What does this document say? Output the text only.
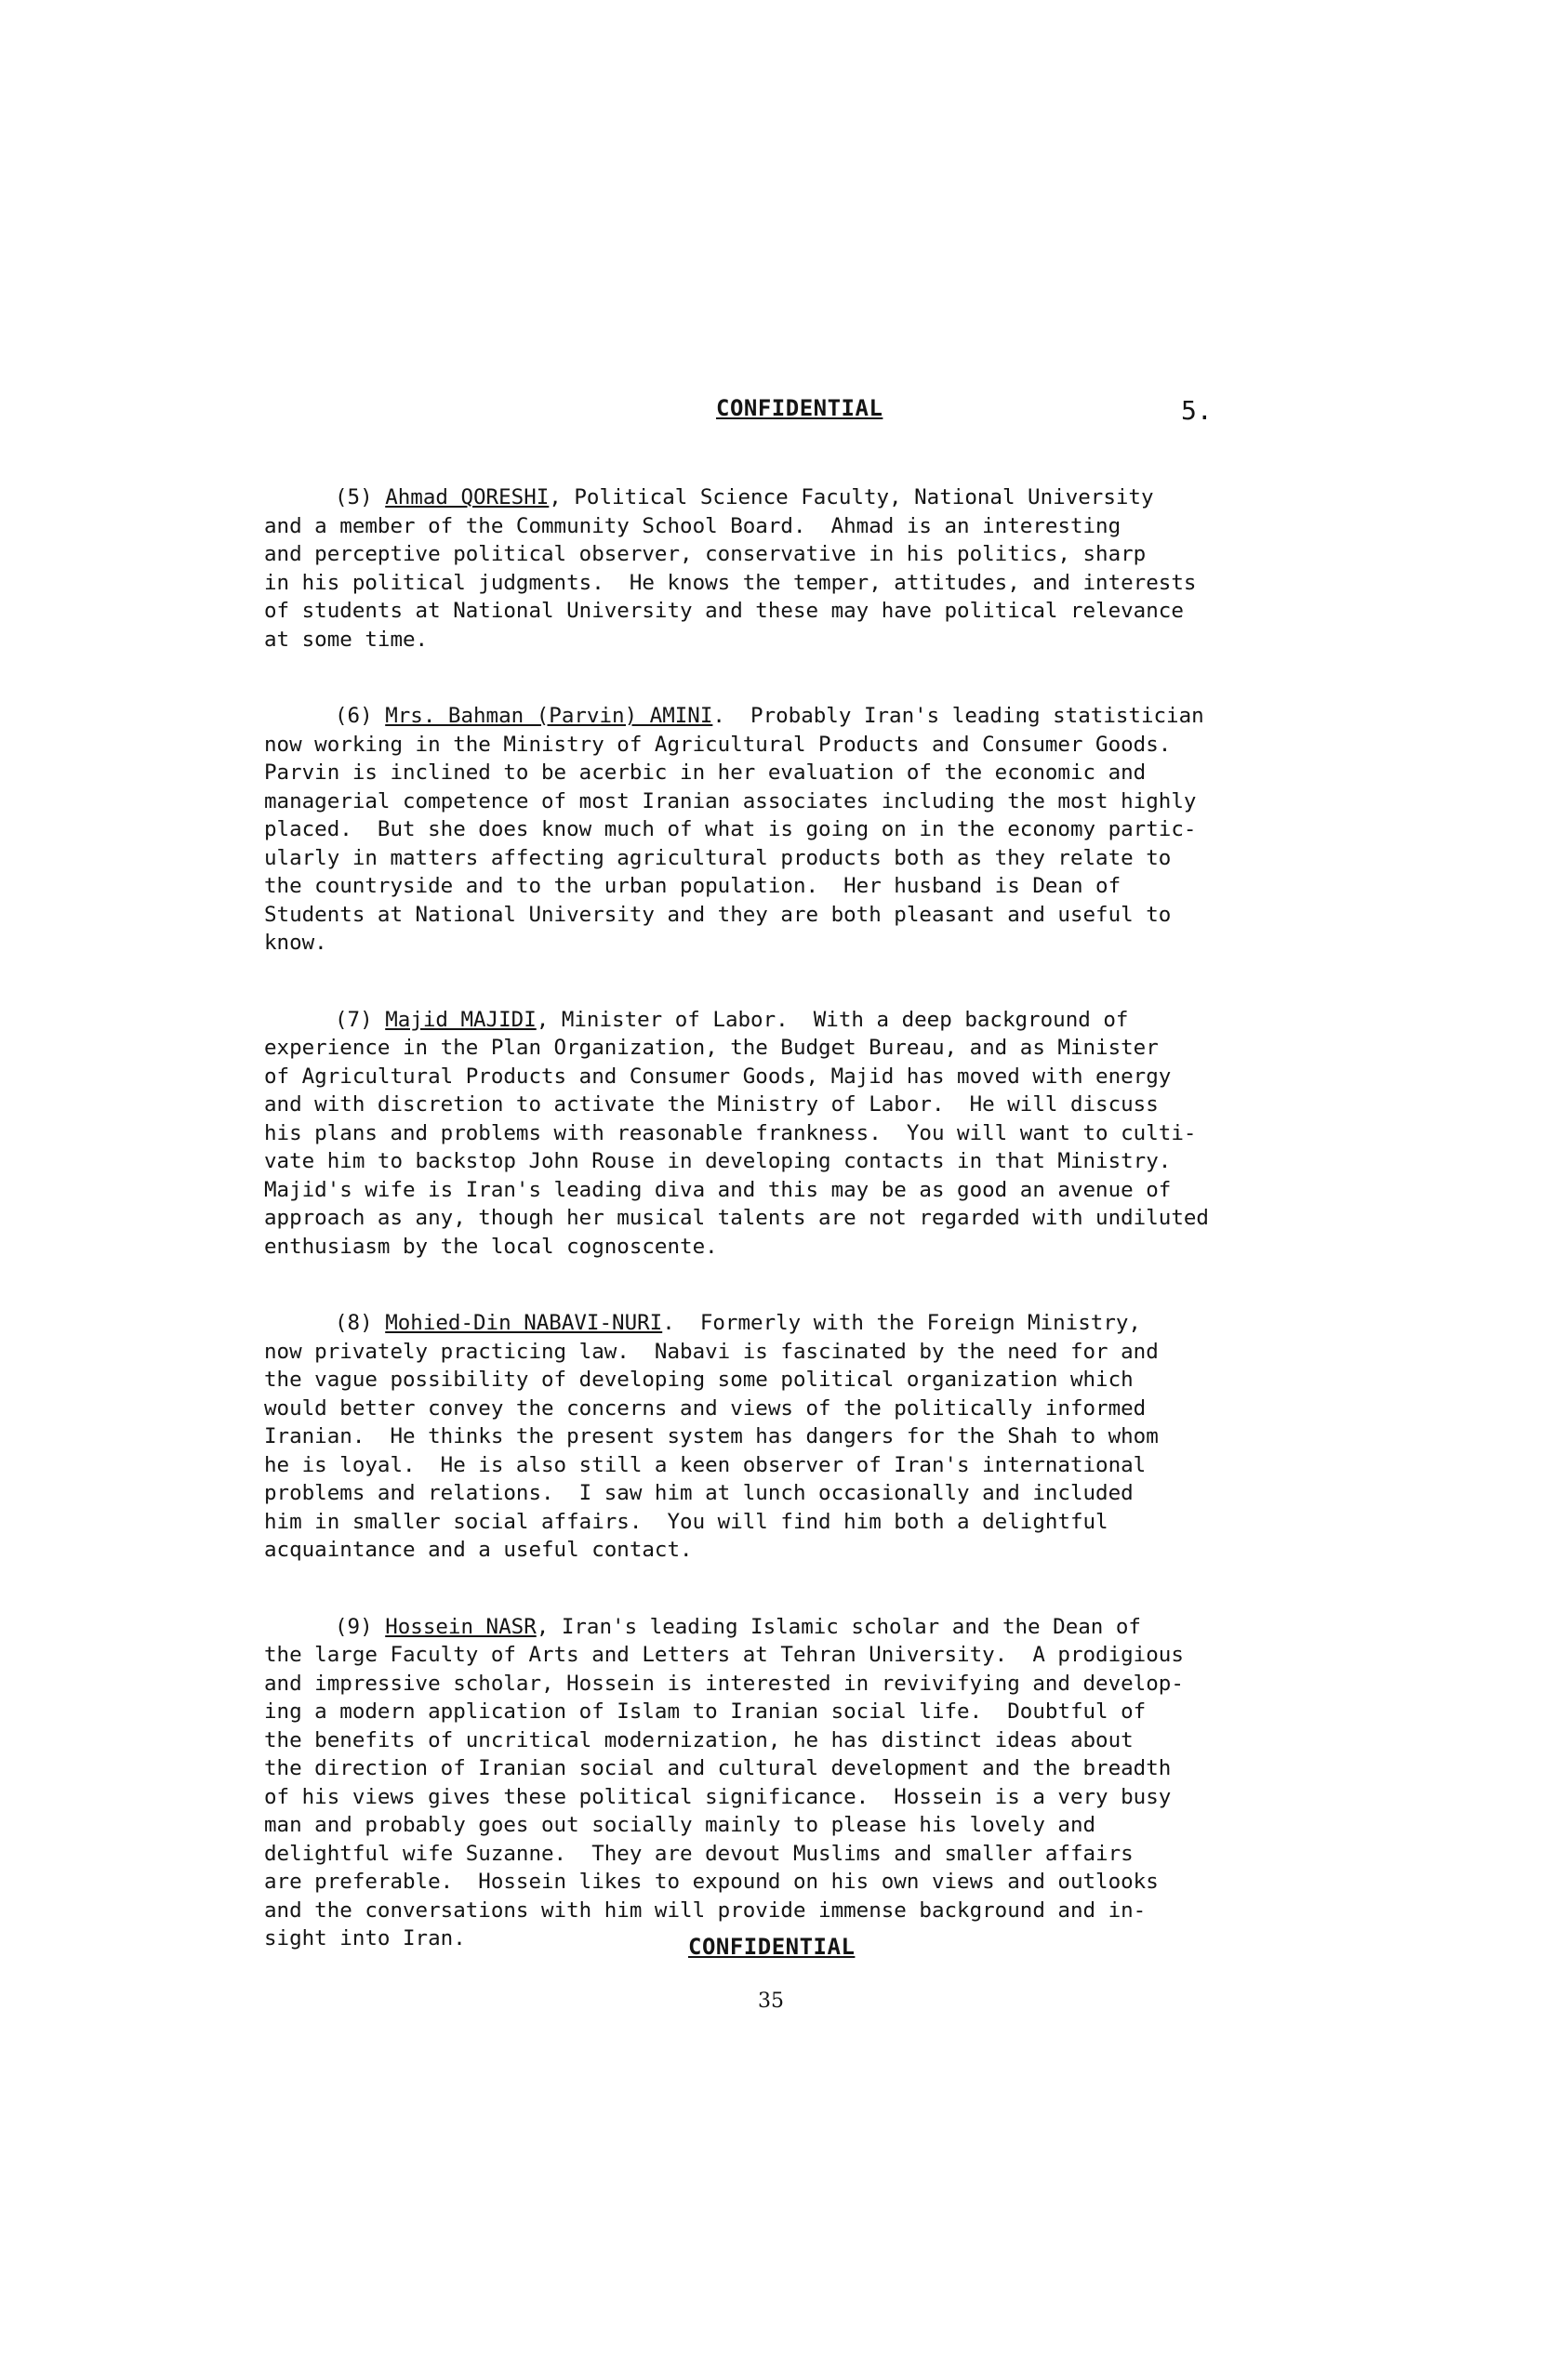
CONFIDENTIAL	5.
(5) Ahmad QORESHI, Political Science Faculty, National University
and a member of the Community School Board.  Ahmad is an interesting
and perceptive political observer, conservative in his politics, sharp
in his political judgments.  He knows the temper, attitudes, and interests
of students at National University and these may have political relevance
at some time.
(6) Mrs. Bahman (Parvin) AMINI.  Probably Iran's leading statistician
now working in the Ministry of Agricultural Products and Consumer Goods.
Parvin is inclined to be acerbic in her evaluation of the economic and
managerial competence of most Iranian associates including the most highly
placed.  But she does know much of what is going on in the economy partic-
ularly in matters affecting agricultural products both as they relate to
the countryside and to the urban population.  Her husband is Dean of
Students at National University and they are both pleasant and useful to
know.
(7) Majid MAJIDI, Minister of Labor.  With a deep background of
experience in the Plan Organization, the Budget Bureau, and as Minister
of Agricultural Products and Consumer Goods, Majid has moved with energy
and with discretion to activate the Ministry of Labor.  He will discuss
his plans and problems with reasonable frankness.  You will want to culti-
vate him to backstop John Rouse in developing contacts in that Ministry.
Majid's wife is Iran's leading diva and this may be as good an avenue of
approach as any, though her musical talents are not regarded with undiluted
enthusiasm by the local cognoscente.
(8) Mohied-Din NABAVI-NURI.  Formerly with the Foreign Ministry,
now privately practicing law.  Nabavi is fascinated by the need for and
the vague possibility of developing some political organization which
would better convey the concerns and views of the politically informed
Iranian.  He thinks the present system has dangers for the Shah to whom
he is loyal.  He is also still a keen observer of Iran's international
problems and relations.  I saw him at lunch occasionally and included
him in smaller social affairs.  You will find him both a delightful
acquaintance and a useful contact.
(9) Hossein NASR, Iran's leading Islamic scholar and the Dean of
the large Faculty of Arts and Letters at Tehran University.  A prodigious
and impressive scholar, Hossein is interested in revivifying and develop-
ing a modern application of Islam to Iranian social life.  Doubtful of
the benefits of uncritical modernization, he has distinct ideas about
the direction of Iranian social and cultural development and the breadth
of his views gives these political significance.  Hossein is a very busy
man and probably goes out socially mainly to please his lovely and
delightful wife Suzanne.  They are devout Muslims and smaller affairs
are preferable.  Hossein likes to expound on his own views and outlooks
and the conversations with him will provide immense background and in-
sight into Iran.	CONFIDENTIAL
35
